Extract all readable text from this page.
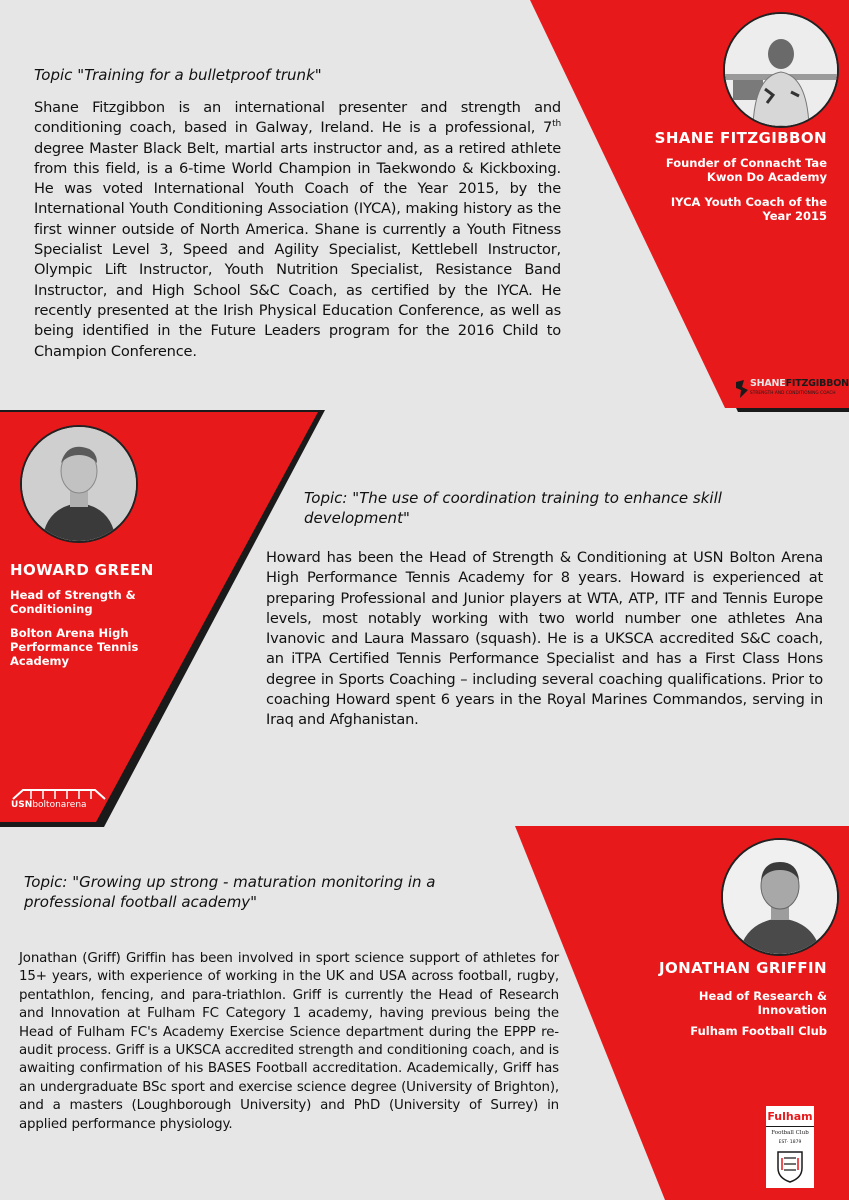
Topic "Training for a bulletproof trunk"
Shane Fitzgibbon is an international presenter and strength and conditioning coach, based in Galway, Ireland. He is a professional, 7th degree Master Black Belt, martial arts instructor and, as a retired athlete from this field, is a 6-time World Champion in Taekwondo & Kickboxing. He was voted International Youth Coach of the Year 2015, by the International Youth Conditioning Association (IYCA), making history as the first winner outside of North America. Shane is currently a Youth Fitness Specialist Level 3, Speed and Agility Specialist, Kettlebell Instructor, Olympic Lift Instructor, Youth Nutrition Specialist, Resistance Band Instructor, and High School S&C Coach, as certified by the IYCA. He recently presented at the Irish Physical Education Conference, as well as being identified in the Future Leaders program for the 2016 Child to Champion Conference.
SHANE FITZGIBBON
Founder of Connacht Tae Kwon Do Academy
IYCA Youth Coach of the Year 2015
SHANEFITZGIBBON
STRENGTH AND CONDITIONING COACH
HOWARD GREEN
Head of Strength & Conditioning
Bolton Arena High Performance Tennis Academy
Topic: "The use of coordination training to enhance skill development"
Howard has been the Head of Strength & Conditioning at USN Bolton Arena High Performance Tennis Academy for 8 years. Howard is experienced at preparing Professional and Junior players at WTA, ATP, ITF and Tennis Europe levels, most notably working with two world number one athletes Ana Ivanovic and Laura Massaro (squash). He is a UKSCA accredited S&C coach, an iTPA Certified Tennis Performance Specialist and has a First Class Hons degree in Sports Coaching – including several coaching qualifications. Prior to coaching Howard spent 6 years in the Royal Marines Commandos, serving in Iraq and Afghanistan.
USNboltonarena
Topic: "Growing up strong - maturation monitoring in a professional football academy"
Jonathan (Griff) Griffin has been involved in sport science support of athletes for 15+ years, with experience of working in the UK and USA across football, rugby, pentathlon, fencing, and para-triathlon. Griff is currently the Head of Research and Innovation at Fulham FC Category 1 academy, having previous being the Head of Fulham FC's Academy Exercise Science department during the EPPP re-audit process. Griff is a UKSCA accredited strength and conditioning coach, and is awaiting confirmation of his BASES Football accreditation. Academically, Griff has an undergraduate BSc sport and exercise science degree (University of Brighton), and a masters (Loughborough University) and PhD (University of Surrey) in applied performance physiology.
JONATHAN GRIFFIN
Head of Research & Innovation
Fulham Football Club
Fulham
Football Club
EST· 1879
